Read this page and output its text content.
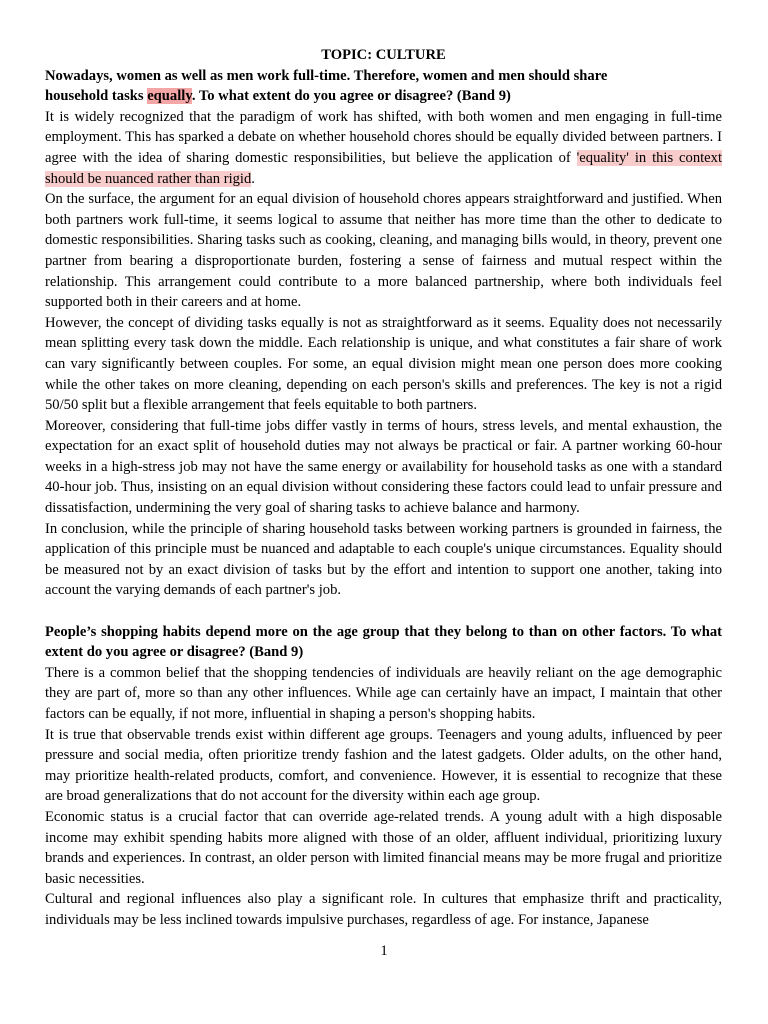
TOPIC: CULTURE

Nowadays, women as well as men work full-time. Therefore, women and men should share
household tasks equally. To what extent do you agree or disagree? (Band 9)

It is widely recognized that the paradigm of work has shifted, with both women and men engaging in full-time employment. This has sparked a debate on whether household chores should be equally divided between partners. I agree with the idea of sharing domestic responsibilities, but believe the application of 'equality' in this context should be nuanced rather than rigid.

On the surface, the argument for an equal division of household chores appears straightforward and justified. When both partners work full-time, it seems logical to assume that neither has more time than the other to dedicate to domestic responsibilities. Sharing tasks such as cooking, cleaning, and managing bills would, in theory, prevent one partner from bearing a disproportionate burden, fostering a sense of fairness and mutual respect within the relationship. This arrangement could contribute to a more balanced partnership, where both individuals feel supported both in their careers and at home.

However, the concept of dividing tasks equally is not as straightforward as it seems. Equality does not necessarily mean splitting every task down the middle. Each relationship is unique, and what constitutes a fair share of work can vary significantly between couples. For some, an equal division might mean one person does more cooking while the other takes on more cleaning, depending on each person's skills and preferences. The key is not a rigid 50/50 split but a flexible arrangement that feels equitable to both partners.

Moreover, considering that full-time jobs differ vastly in terms of hours, stress levels, and mental exhaustion, the expectation for an exact split of household duties may not always be practical or fair. A partner working 60-hour weeks in a high-stress job may not have the same energy or availability for household tasks as one with a standard 40-hour job. Thus, insisting on an equal division without considering these factors could lead to unfair pressure and dissatisfaction, undermining the very goal of sharing tasks to achieve balance and harmony.

In conclusion, while the principle of sharing household tasks between working partners is grounded in fairness, the application of this principle must be nuanced and adaptable to each couple's unique circumstances. Equality should be measured not by an exact division of tasks but by the effort and intention to support one another, taking into account the varying demands of each partner's job.

People’s shopping habits depend more on the age group that they belong to than on other factors. To what extent do you agree or disagree? (Band 9)

There is a common belief that the shopping tendencies of individuals are heavily reliant on the age demographic they are part of, more so than any other influences. While age can certainly have an impact, I maintain that other factors can be equally, if not more, influential in shaping a person's shopping habits.

It is true that observable trends exist within different age groups. Teenagers and young adults, influenced by peer pressure and social media, often prioritize trendy fashion and the latest gadgets. Older adults, on the other hand, may prioritize health-related products, comfort, and convenience. However, it is essential to recognize that these are broad generalizations that do not account for the diversity within each age group.

Economic status is a crucial factor that can override age-related trends. A young adult with a high disposable income may exhibit spending habits more aligned with those of an older, affluent individual, prioritizing luxury brands and experiences. In contrast, an older person with limited financial means may be more frugal and prioritize basic necessities.

Cultural and regional influences also play a significant role. In cultures that emphasize thrift and practicality, individuals may be less inclined towards impulsive purchases, regardless of age. For instance, Japanese

1
